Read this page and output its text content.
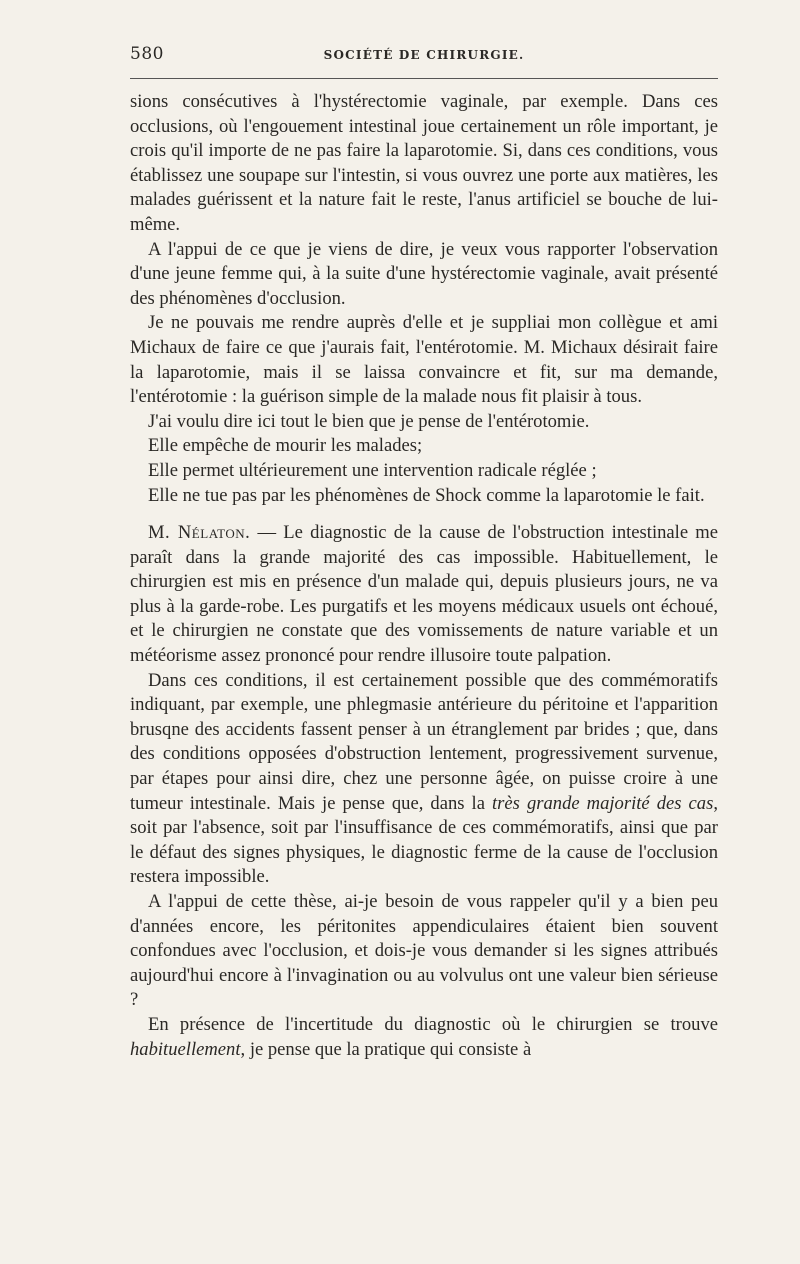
580	SOCIÉTÉ DE CHIRURGIE.

sions consécutives à l'hystérectomie vaginale, par exemple. Dans ces occlusions, où l'engouement intestinal joue certainement un rôle important, je crois qu'il importe de ne pas faire la laparotomie. Si, dans ces conditions, vous établissez une soupape sur l'intestin, si vous ouvrez une porte aux matières, les malades guérissent et la nature fait le reste, l'anus artificiel se bouche de lui-même.

A l'appui de ce que je viens de dire, je veux vous rapporter l'observation d'une jeune femme qui, à la suite d'une hystérectomie vaginale, avait présenté des phénomènes d'occlusion.

Je ne pouvais me rendre auprès d'elle et je suppliai mon collègue et ami Michaux de faire ce que j'aurais fait, l'entérotomie. M. Michaux désirait faire la laparotomie, mais il se laissa convaincre et fit, sur ma demande, l'entérotomie : la guérison simple de la malade nous fit plaisir à tous.

J'ai voulu dire ici tout le bien que je pense de l'entérotomie.

Elle empêche de mourir les malades;

Elle permet ultérieurement une intervention radicale réglée ;

Elle ne tue pas par les phénomènes de Shock comme la laparotomie le fait.

M. Nélaton. — Le diagnostic de la cause de l'obstruction intestinale me paraît dans la grande majorité des cas impossible. Habituellement, le chirurgien est mis en présence d'un malade qui, depuis plusieurs jours, ne va plus à la garde-robe. Les purgatifs et les moyens médicaux usuels ont échoué, et le chirurgien ne constate que des vomissements de nature variable et un météorisme assez prononcé pour rendre illusoire toute palpation.

Dans ces conditions, il est certainement possible que des commémoratifs indiquant, par exemple, une phlegmasie antérieure du péritoine et l'apparition brusqne des accidents fassent penser à un étranglement par brides ; que, dans des conditions opposées d'obstruction lentement, progressivement survenue, par étapes pour ainsi dire, chez une personne âgée, on puisse croire à une tumeur intestinale. Mais je pense que, dans la très grande majorité des cas, soit par l'absence, soit par l'insuffisance de ces commémoratifs, ainsi que par le défaut des signes physiques, le diagnostic ferme de la cause de l'occlusion restera impossible.

A l'appui de cette thèse, ai-je besoin de vous rappeler qu'il y a bien peu d'années encore, les péritonites appendiculaires étaient bien souvent confondues avec l'occlusion, et dois-je vous demander si les signes attribués aujourd'hui encore à l'invagination ou au volvulus ont une valeur bien sérieuse ?

En présence de l'incertitude du diagnostic où le chirurgien se trouve habituellement, je pense que la pratique qui consiste à
